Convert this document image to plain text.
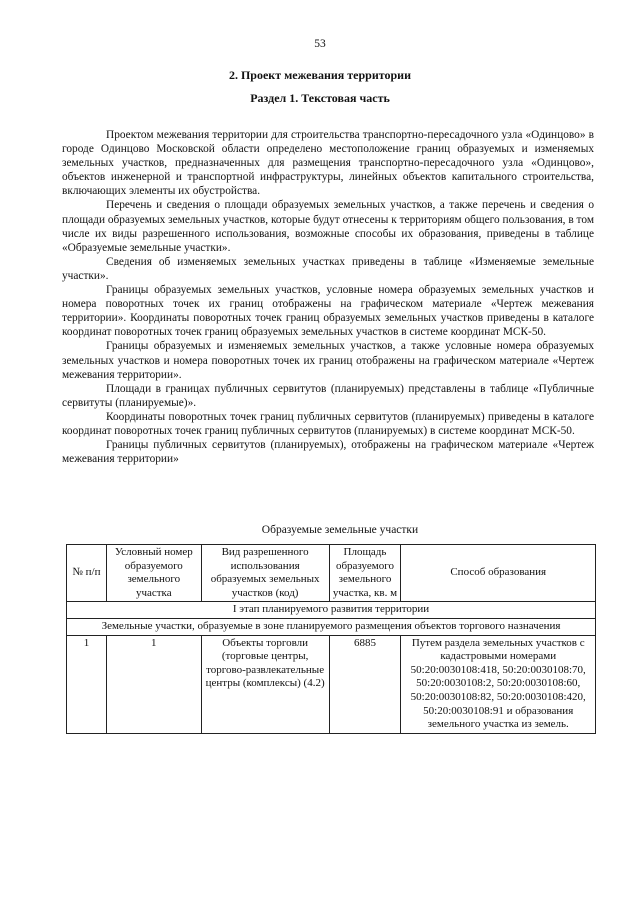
53
2. Проект межевания территории
Раздел 1. Текстовая часть

Проектом межевания территории для строительства транспортно-пересадочного узла «Одинцово» в городе Одинцово Московской области определено местоположение границ образуемых и изменяемых земельных участков, предназначенных для размещения транспортно-пересадочного узла «Одинцово», объектов инженерной и транспортной инфраструктуры, линейных объектов капитального строительства, включающих элементы их обустройства.

Перечень и сведения о площади образуемых земельных участков, а также перечень и сведения о площади образуемых земельных участков, которые будут отнесены к территориям общего пользования, в том числе их виды разрешенного использования, возможные способы их образования, приведены в таблице «Образуемые земельные участки».

Сведения об изменяемых земельных участках приведены в таблице «Изменяемые земельные участки».

Границы образуемых земельных участков, условные номера образуемых земельных участков и номера поворотных точек их границ отображены на графическом материале «Чертеж межевания территории». Координаты поворотных точек границ образуемых земельных участков приведены в каталоге координат поворотных точек границ образуемых земельных участков в системе координат МСК-50.

Границы образуемых и изменяемых земельных участков, а также условные номера образуемых земельных участков и номера поворотных точек их границ отображены на графическом материале «Чертеж межевания территории».

Площади в границах публичных сервитутов (планируемых) представлены в таблице «Публичные сервитуты (планируемые)».

Координаты поворотных точек границ публичных сервитутов (планируемых) приведены в каталоге координат поворотных точек границ публичных сервитутов (планируемых) в системе координат МСК-50.

Границы публичных сервитутов (планируемых), отображены на графическом материале «Чертеж межевания территории»

Образуемые земельные участки
№ п/п	Условный номер образуемого земельного участка	Вид разрешенного использования образуемых земельных участков (код)	Площадь образуемого земельного участка, кв. м	Способ образования
I этап планируемого развития территории				
Земельные участки, образуемые в зоне планируемого размещения объектов торгового назначения				
1	1	Объекты торговли (торговые центры, торгово-развлекательные центры (комплексы) (4.2)	6885	Путем раздела земельных участков с кадастровыми номерами 50:20:0030108:418, 50:20:0030108:70, 50:20:0030108:2, 50:20:0030108:60, 50:20:0030108:82, 50:20:0030108:420, 50:20:0030108:91 и образования земельного участка из земель.
